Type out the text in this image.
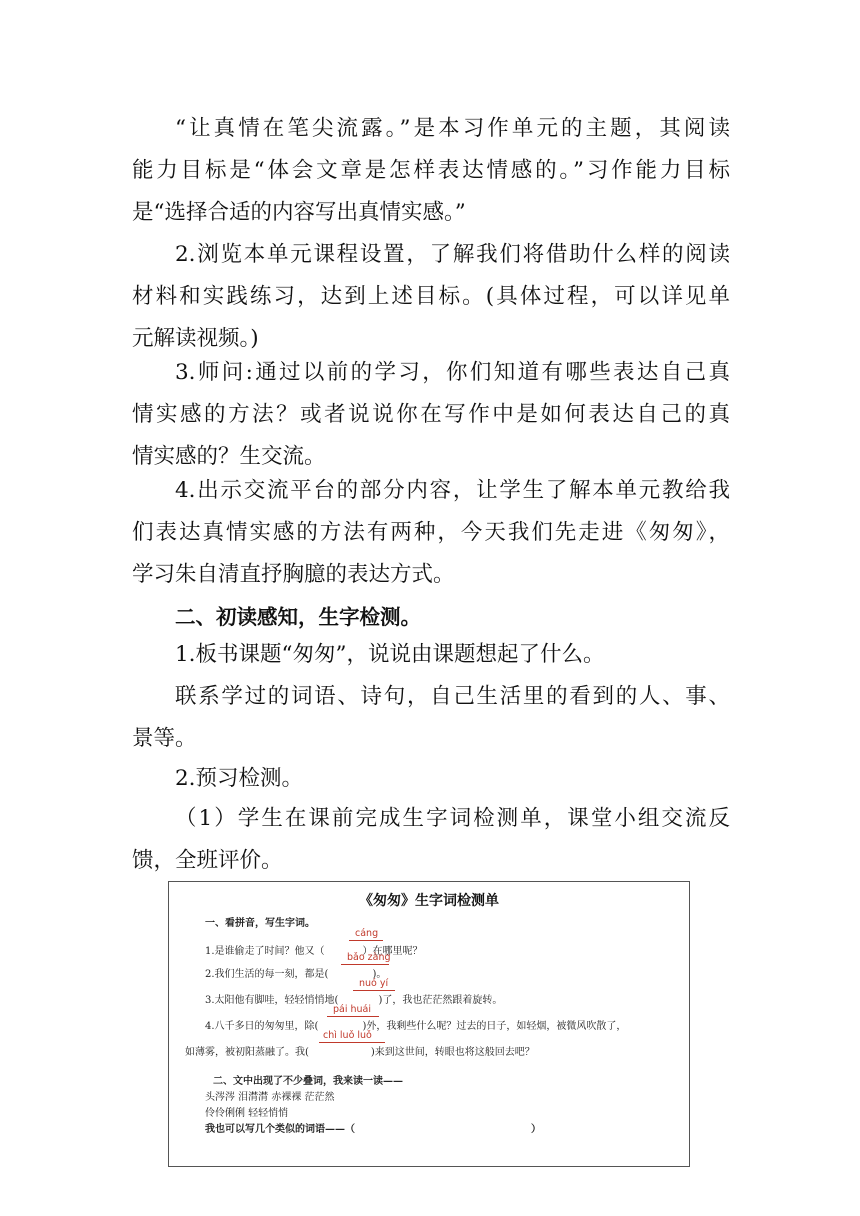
“让真情在笔尖流露。”是本习作单元的主题，其阅读
能力目标是“体会文章是怎样表达情感的。”习作能力目标
是“选择合适的内容写出真情实感。”
2.浏览本单元课程设置，了解我们将借助什么样的阅读
材料和实践练习，达到上述目标。(具体过程，可以详见单
元解读视频。)
3.师问:通过以前的学习，你们知道有哪些表达自己真
情实感的方法？或者说说你在写作中是如何表达自己的真
情实感的？生交流。
4.出示交流平台的部分内容，让学生了解本单元教给我
们表达真情实感的方法有两种，今天我们先走进《匆匆》，
学习朱自清直抒胸臆的表达方式。
二、初读感知，生字检测。
1.板书课题“匆匆”，说说由课题想起了什么。
联系学过的词语、诗句，自己生活里的看到的人、事、
景等。
2.预习检测。
（1）学生在课前完成生字词检测单，课堂小组交流反
馈，全班评价。
《匆匆》生字词检测单
一、看拼音，写生字词。
cáng
1.是谁偷走了时间？他又（	）在哪里呢？
bǎo zàng
2.我们生活的每一刻，都是(	)。
nuó yí
3.太阳他有脚哇，轻轻悄悄地(	)了，我也茫茫然跟着旋转。
pái huái
4.八千多日的匆匆里，除(	)外，我剩些什么呢？过去的日子，如轻烟，被微风吹散了，
chì luǒ luǒ
如薄雾，被初阳蒸融了。我(	)来到这世间，转眼也将这般回去吧？
二、文中出现了不少叠词，我来读一读——
头涔涔 泪潸潸 赤裸裸 茫茫然
伶伶俐俐 轻轻悄悄
我也可以写几个类似的词语——（	）
